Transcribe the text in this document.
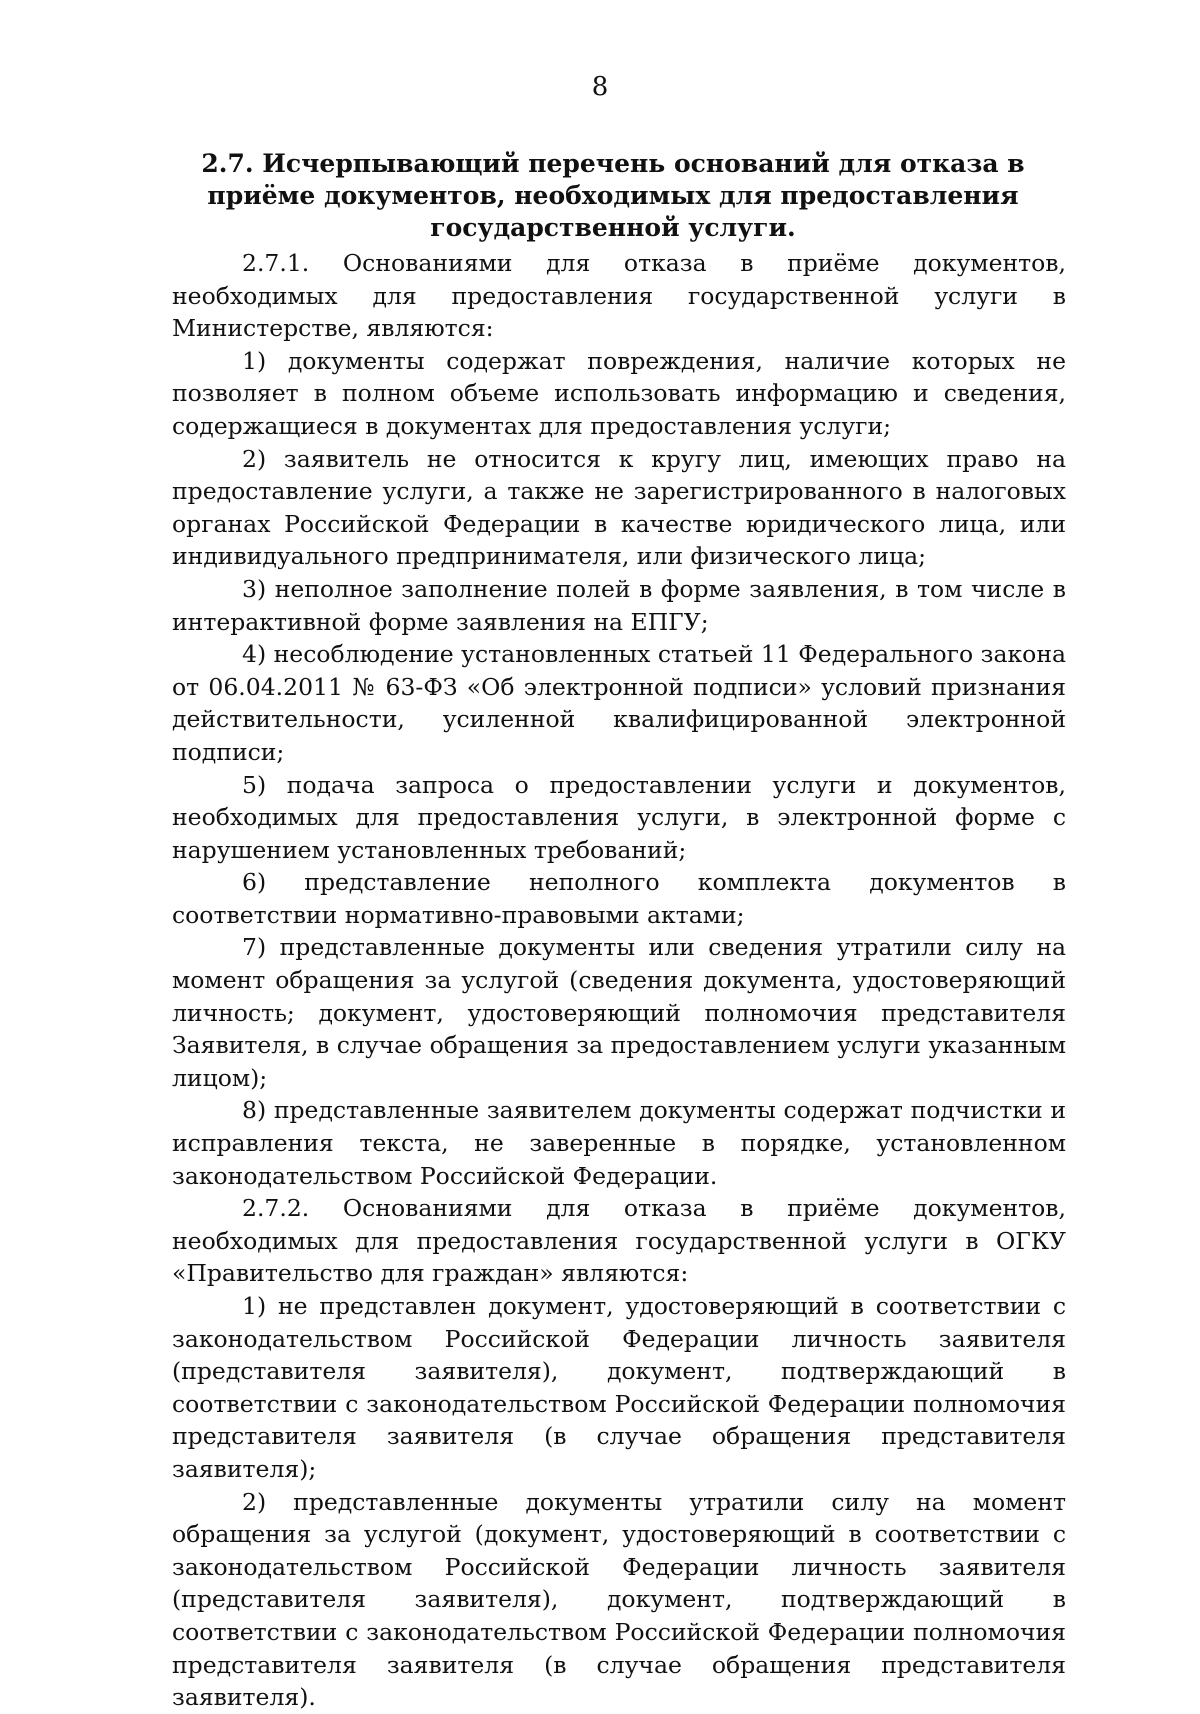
8
2.7. Исчерпывающий перечень оснований для отказа в приёме документов, необходимых для предоставления государственной услуги.

2.7.1. Основаниями для отказа в приёме документов, необходимых для предоставления государственной услуги в Министерстве, являются:

1) документы содержат повреждения, наличие которых не позволяет в полном объеме использовать информацию и сведения, содержащиеся в документах для предоставления услуги;

2) заявитель не относится к кругу лиц, имеющих право на предоставление услуги, а также не зарегистрированного в налоговых органах Российской Федерации в качестве юридического лица, или индивидуального предпринимателя, или физического лица;

3) неполное заполнение полей в форме заявления, в том числе в интерактивной форме заявления на ЕПГУ;

4) несоблюдение установленных статьей 11 Федерального закона от 06.04.2011 № 63-ФЗ «Об электронной подписи» условий признания действительности, усиленной квалифицированной электронной подписи;

5) подача запроса о предоставлении услуги и документов, необходимых для предоставления услуги, в электронной форме с нарушением установленных требований;

6) представление неполного комплекта документов в соответствии нормативно-правовыми актами;

7) представленные документы или сведения утратили силу на момент обращения за услугой (сведения документа, удостоверяющий личность; документ, удостоверяющий полномочия представителя Заявителя, в случае обращения за предоставлением услуги указанным лицом);

8) представленные заявителем документы содержат подчистки и исправления текста, не заверенные в порядке, установленном законодательством Российской Федерации.

2.7.2. Основаниями для отказа в приёме документов, необходимых для предоставления государственной услуги в ОГКУ «Правительство для граждан» являются:

1) не представлен документ, удостоверяющий в соответствии с законодательством Российской Федерации личность заявителя (представителя заявителя), документ, подтверждающий в соответствии с законодательством Российской Федерации полномочия представителя заявителя (в случае обращения представителя заявителя);

2) представленные документы утратили силу на момент обращения за услугой (документ, удостоверяющий в соответствии с законодательством Российской Федерации личность заявителя (представителя заявителя), документ, подтверждающий в соответствии с законодательством Российской Федерации полномочия представителя заявителя (в случае обращения представителя заявителя).
